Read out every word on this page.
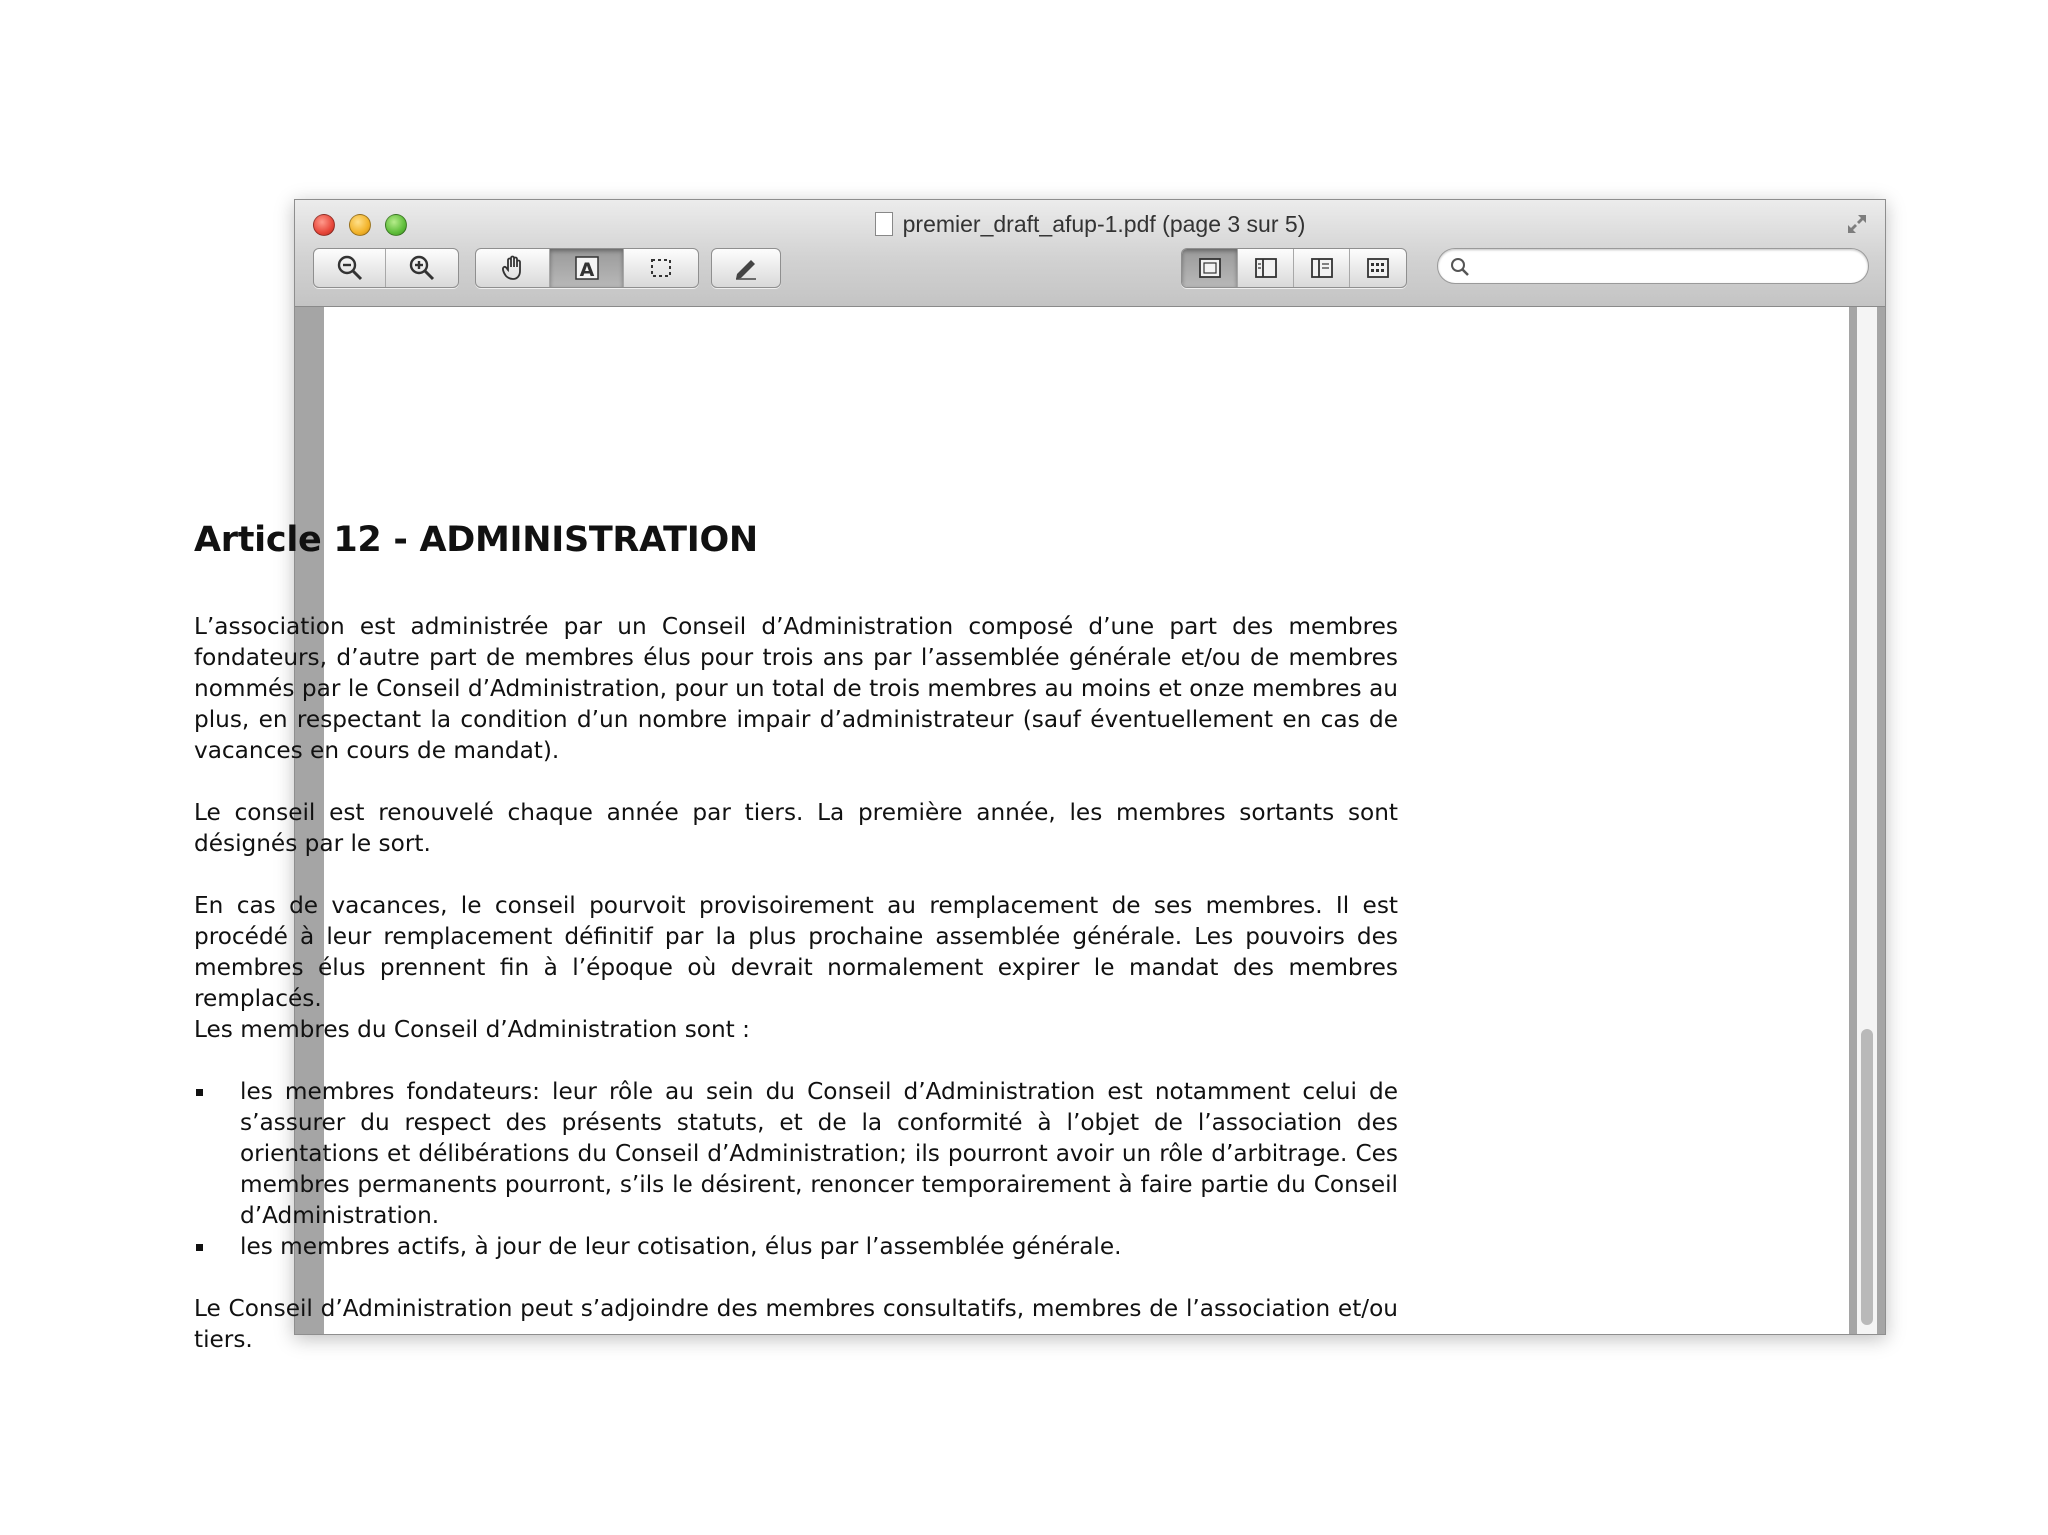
premier_draft_afup-1.pdf (page 3 sur 5)
A
Article 12 - ADMINISTRATION

L’association est administrée par un Conseil d’Administration composé d’une part des membres fondateurs, d’autre part de membres élus pour trois ans par l’assemblée générale et/ou de membres nommés par le Conseil d’Administration, pour un total de trois membres au moins et onze membres au plus, en respectant la condition d’un nombre impair d’administrateur (sauf éventuellement en cas de vacances en cours de mandat).

Le conseil est renouvelé chaque année par tiers. La première année, les membres sortants sont désignés par le sort.

En cas de vacances, le conseil pourvoit provisoirement au remplacement de ses membres. Il est procédé à leur remplacement définitif par la plus prochaine assemblée générale. Les pouvoirs des membres élus prennent fin à l’époque où devrait normalement expirer le mandat des membres remplacés.

Les membres du Conseil d’Administration sont :

les membres fondateurs: leur rôle au sein du Conseil d’Administration est notamment celui de s’assurer du respect des présents statuts, et de la conformité à l’objet de l’association des orientations et délibérations du Conseil d’Administration; ils pourront avoir un rôle d’arbitrage. Ces membres permanents pourront, s’ils le désirent, renoncer temporairement à faire partie du Conseil d’Administration.
les membres actifs, à jour de leur cotisation, élus par l’assemblée générale.

Le Conseil d’Administration peut s’adjoindre des membres consultatifs, membres de l’association et/ou tiers.
